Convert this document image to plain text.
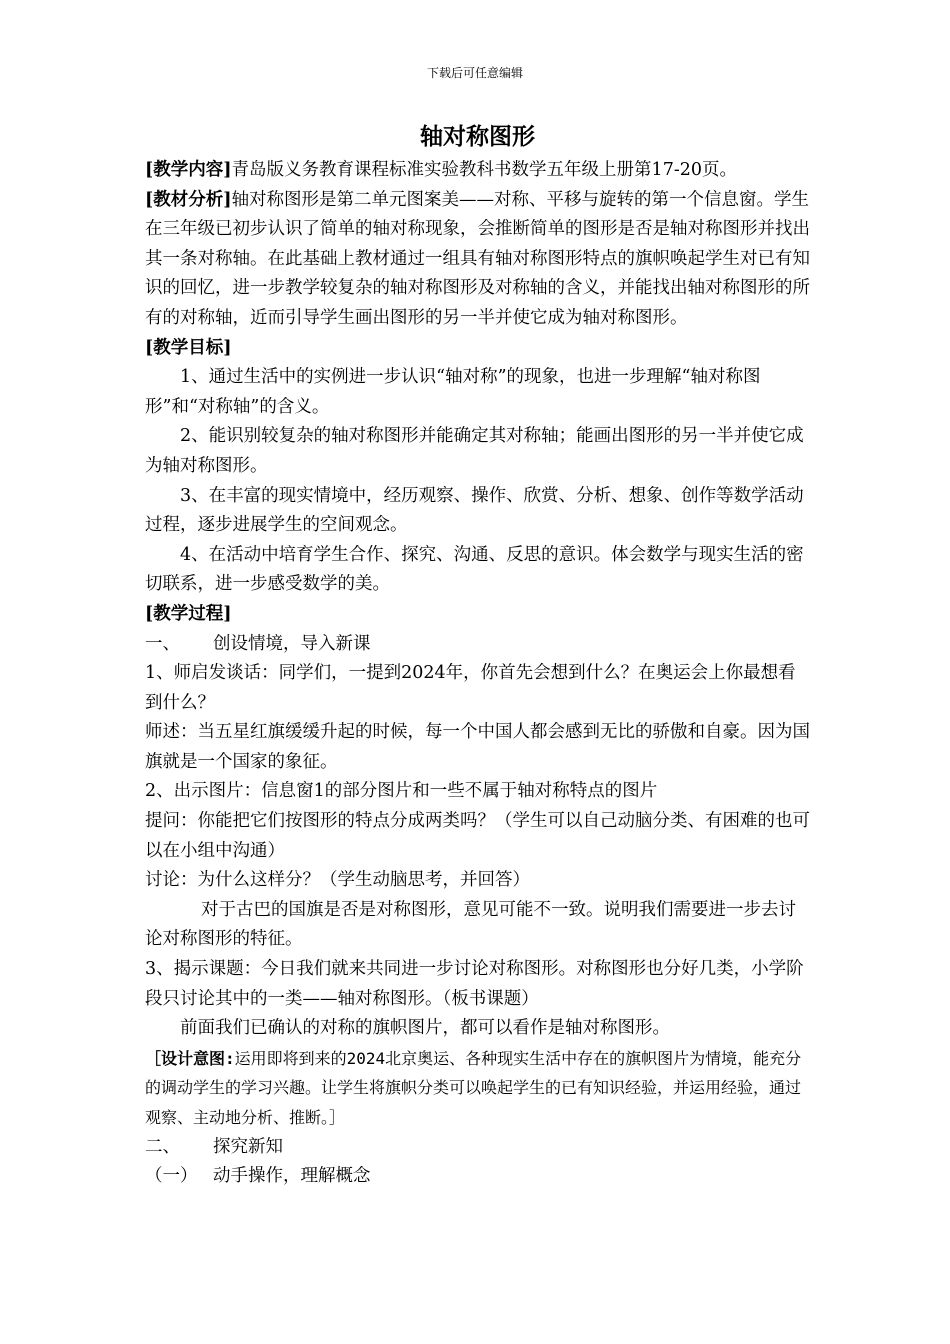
下载后可任意编辑
轴对称图形

[教学内容]青岛版义务教育课程标准实验教科书数学五年级上册第17-20页。

[教材分析]轴对称图形是第二单元图案美——对称、平移与旋转的第一个信息窗。学生在三年级已初步认识了简单的轴对称现象，会推断简单的图形是否是轴对称图形并找出其一条对称轴。在此基础上教材通过一组具有轴对称图形特点的旗帜唤起学生对已有知识的回忆，进一步教学较复杂的轴对称图形及对称轴的含义，并能找出轴对称图形的所有的对称轴，近而引导学生画出图形的另一半并使它成为轴对称图形。

[教学目标]

1、通过生活中的实例进一步认识“轴对称”的现象，也进一步理解“轴对称图形”和“对称轴”的含义。

2、能识别较复杂的轴对称图形并能确定其对称轴；能画出图形的另一半并使它成为轴对称图形。

3、在丰富的现实情境中，经历观察、操作、欣赏、分析、想象、创作等数学活动过程，逐步进展学生的空间观念。

4、在活动中培育学生合作、探究、沟通、反思的意识。体会数学与现实生活的密切联系，进一步感受数学的美。

[教学过程]

一、 创设情境，导入新课

1、师启发谈话：同学们，一提到2024年，你首先会想到什么？在奥运会上你最想看到什么？

师述：当五星红旗缓缓升起的时候，每一个中国人都会感到无比的骄傲和自豪。因为国旗就是一个国家的象征。

2、出示图片：信息窗1的部分图片和一些不属于轴对称特点的图片

提问：你能把它们按图形的特点分成两类吗？（学生可以自己动脑分类、有困难的也可以在小组中沟通）

讨论：为什么这样分？（学生动脑思考，并回答）

对于古巴的国旗是否是对称图形，意见可能不一致。说明我们需要进一步去讨论对称图形的特征。

3、揭示课题：今日我们就来共同进一步讨论对称图形。对称图形也分好几类，小学阶段只讨论其中的一类——轴对称图形。（板书课题）

前面我们已确认的对称的旗帜图片，都可以看作是轴对称图形。

［设计意图:运用即将到来的2024北京奥运、各种现实生活中存在的旗帜图片为情境，能充分的调动学生的学习兴趣。让学生将旗帜分类可以唤起学生的已有知识经验，并运用经验，通过观察、主动地分析、推断。］

二、 探究新知

（一） 动手操作，理解概念
